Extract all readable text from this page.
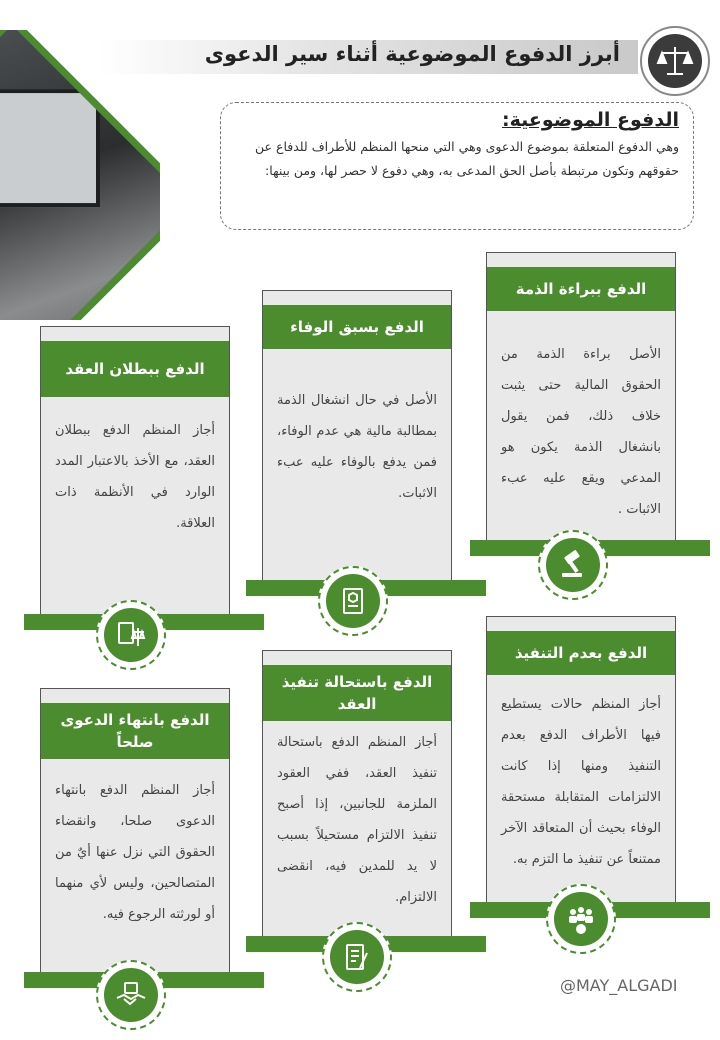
أبرز الدفوع الموضوعية أثناء سير الدعوى
الدفوع الموضوعية:
وهي الدفوع المتعلقة بموضوع الدعوى وهي التي منحها المنظم للأطراف للدفاع عن حقوقهم وتكون مرتبطة بأصل الحق المدعى به، وهي دفوع لا حصر لها، ومن بينها:
الدفع ببراءة الذمة
الأصل براءة الذمة من الحقوق المالية حتى يثبت خلاف ذلك، فمن يقول بانشغال الذمة يكون هو المدعي ويقع عليه عبء الاثبات .
الدفع بسبق الوفاء
الأصل في حال انشغال الذمة بمطالبة مالية هي عدم الوفاء، فمن يدفع بالوفاء عليه عبء الاثبات.
الدفع ببطلان العقد
أجاز المنظم الدفع ببطلان العقد، مع الأخذ بالاعتبار المدد الوارد في الأنظمة ذات العلاقة.
الدفع بعدم التنفيذ
أجاز المنظم حالات يستطيع فيها الأطراف الدفع بعدم التنفيذ ومنها إذا كانت الالتزامات المتقابلة مستحقة الوفاء بحيث أن المتعاقد الآخر ممتنعاً عن تنفيذ ما التزم به.
الدفع باستحالة تنفيذ العقد
أجاز المنظم الدفع باستحالة تنفيذ العقد، ففي العقود الملزمة للجانبين، إذا أصبح تنفيذ الالتزام مستحيلاً بسبب لا يد للمدين فيه، انقضى الالتزام.
الدفع بانتهاء الدعوى صلحاً
أجاز المنظم الدفع بانتهاء الدعوى صلحا، وانقضاء الحقوق التي نزل عنها أيٌ من المتصالحين، وليس لأي منهما أو لورثته الرجوع فيه.
@MAY_ALGADI
